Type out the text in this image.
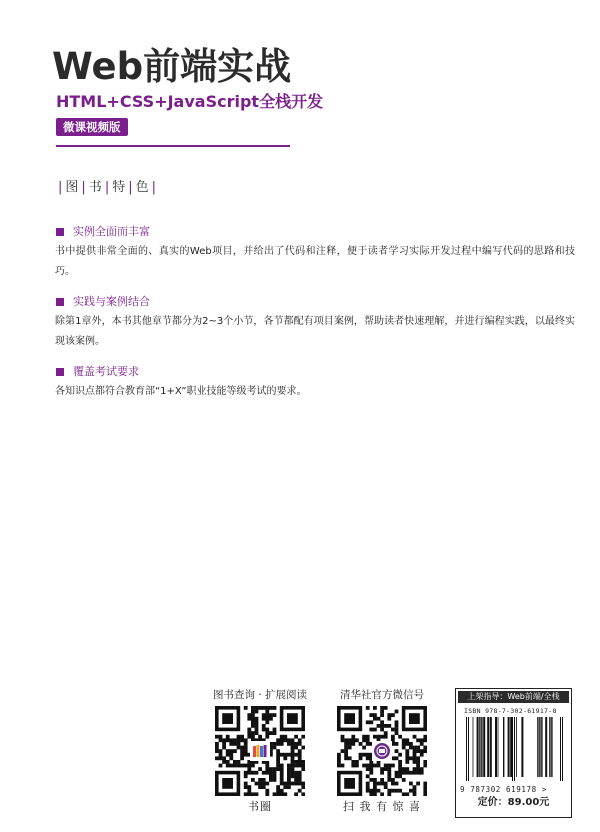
Web前端实战
HTML+CSS+JavaScript全栈开发
微课视频版
| 图 | 书 | 特 | 色 |
实例全面而丰富
书中提供非常全面的、真实的Web项目，并给出了代码和注释，便于读者学习实际开发过程中编写代码的思路和技巧。
实践与案例结合
除第1章外，本书其他章节都分为2~3个小节，各节都配有项目案例，帮助读者快速理解，并进行编程实践，以最终实现该案例。
覆盖考试要求
各知识点都符合教育部“1+X”职业技能等级考试的要求。
图书查询 · 扩展阅读
书圈
清华社官方微信号
扫 我 有 惊 喜
上架指导：Web前端/全栈
ISBN 978-7-302-61917-8
9 787302 619178 >
定价：89.00元
